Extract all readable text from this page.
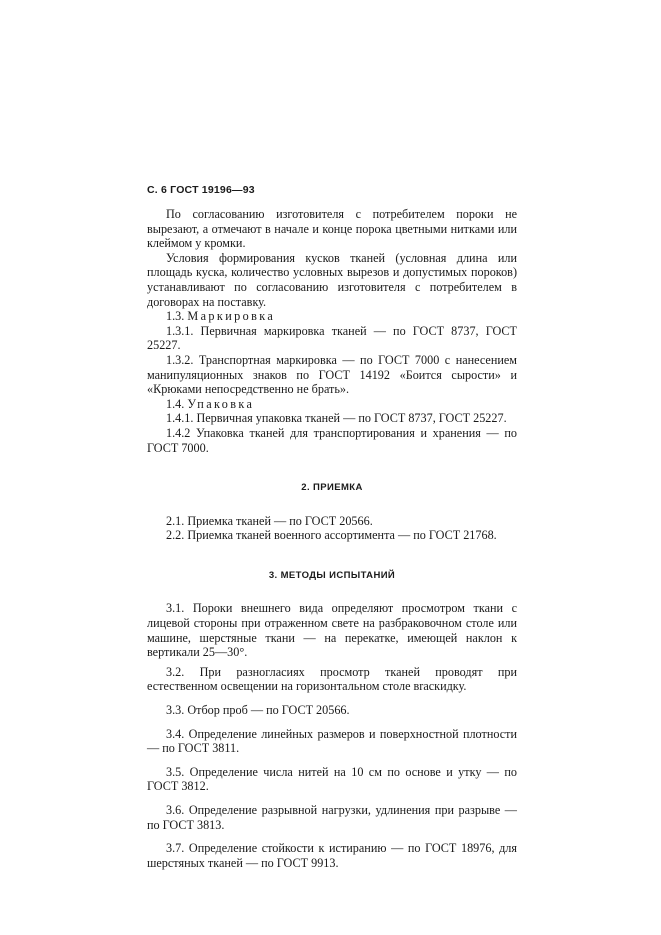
С. 6 ГОСТ 19196—93

По согласованию изготовителя с потребителем пороки не вырезают, а отмечают в начале и конце порока цветными нитками или клеймом у кромки.

Условия формирования кусков тканей (условная длина или площадь куска, количество условных вырезов и допустимых пороков) устанавливают по согласованию изготовителя с потребителем в договорах на поставку.

1.3. Маркировка

1.3.1. Первичная маркировка тканей — по ГОСТ 8737, ГОСТ 25227.

1.3.2. Транспортная маркировка — по ГОСТ 7000 с нанесением манипуляционных знаков по ГОСТ 14192 «Боится сырости» и «Крюками непосредственно не брать».

1.4. Упаковка

1.4.1. Первичная упаковка тканей — по ГОСТ 8737, ГОСТ 25227.

1.4.2 Упаковка тканей для транспортирования и хранения — по ГОСТ 7000.

2. ПРИЕМКА

2.1. Приемка тканей — по ГОСТ 20566.

2.2. Приемка тканей военного ассортимента — по ГОСТ 21768.

3. МЕТОДЫ ИСПЫТАНИЙ

3.1. Пороки внешнего вида определяют просмотром ткани с лицевой стороны при отраженном свете на разбраковочном столе или машине, шерстяные ткани — на перекатке, имеющей наклон к вертикали 25—30°.

3.2. При разногласиях просмотр тканей проводят при естественном освещении на горизонтальном столе вraскидку.

3.3. Отбор проб — по ГОСТ 20566.

3.4. Определение линейных размеров и поверхностной плотности — по ГОСТ 3811.

3.5. Определение числа нитей на 10 см по основе и утку — по ГОСТ 3812.

3.6. Определение разрывной нагрузки, удлинения при разрыве — по ГОСТ 3813.

3.7. Определение стойкости к истиранию — по ГОСТ 18976, для шерстяных тканей — по ГОСТ 9913.
